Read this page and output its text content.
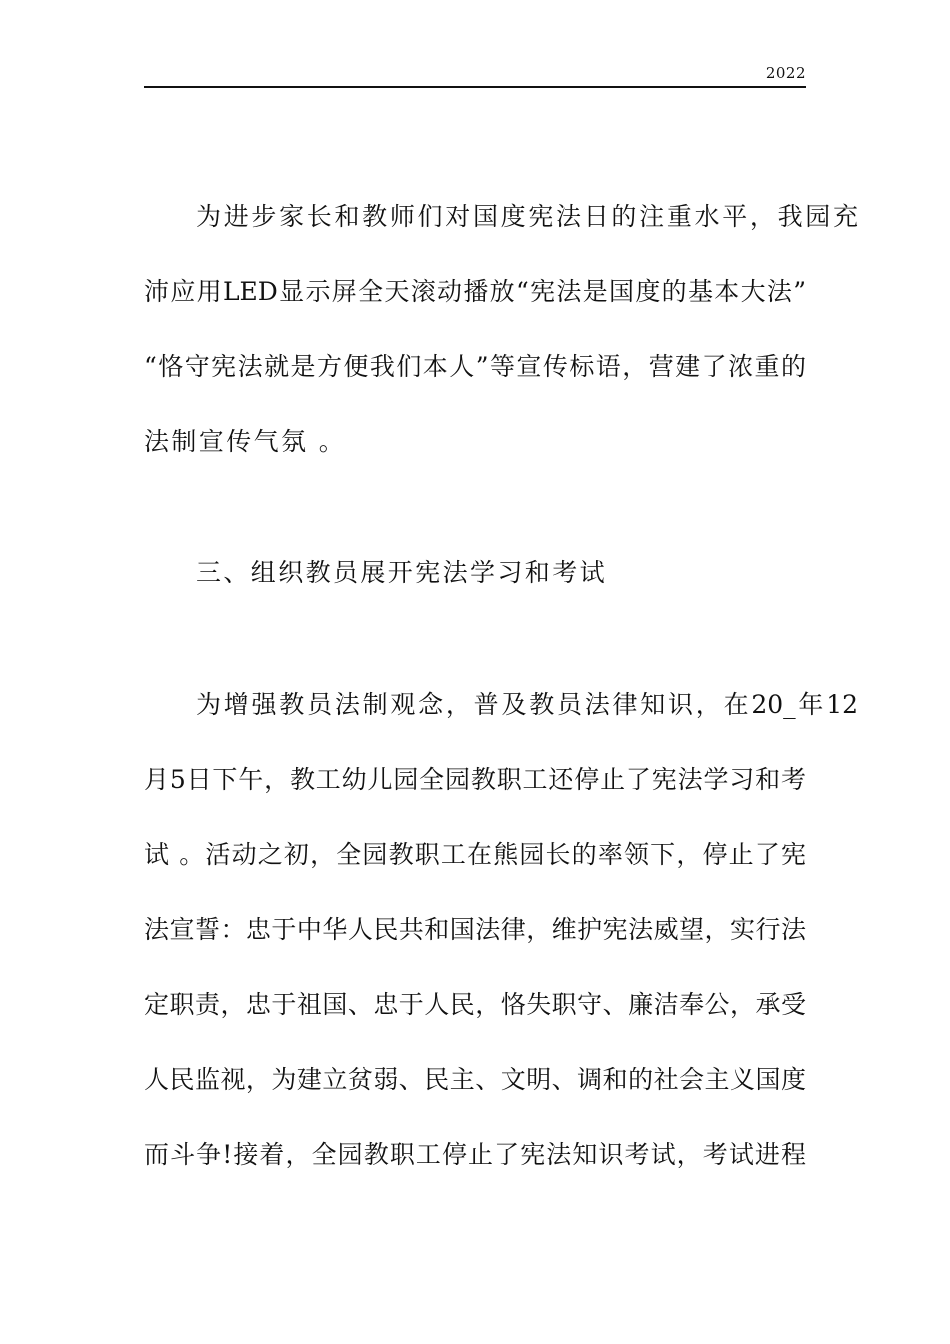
2022
为进步家长和教师们对国度宪法日的注重水平，我园充
沛应用LED显示屏全天滚动播放“宪法是国度的基本大法”
“恪守宪法就是方便我们本人”等宣传标语，营建了浓重的
法制宣传气氛 。
三、组织教员展开宪法学习和考试
为增强教员法制观念，普及教员法律知识，在20_年12
月5日下午，教工幼儿园全园教职工还停止了宪法学习和考
试 。活动之初，全园教职工在熊园长的率领下，停止了宪
法宣誓：忠于中华人民共和国法律，维护宪法威望，实行法
定职责，忠于祖国、忠于人民，恪失职守、廉洁奉公，承受
人民监视，为建立贫弱、民主、文明、调和的社会主义国度
而斗争!接着，全园教职工停止了宪法知识考试，考试进程
